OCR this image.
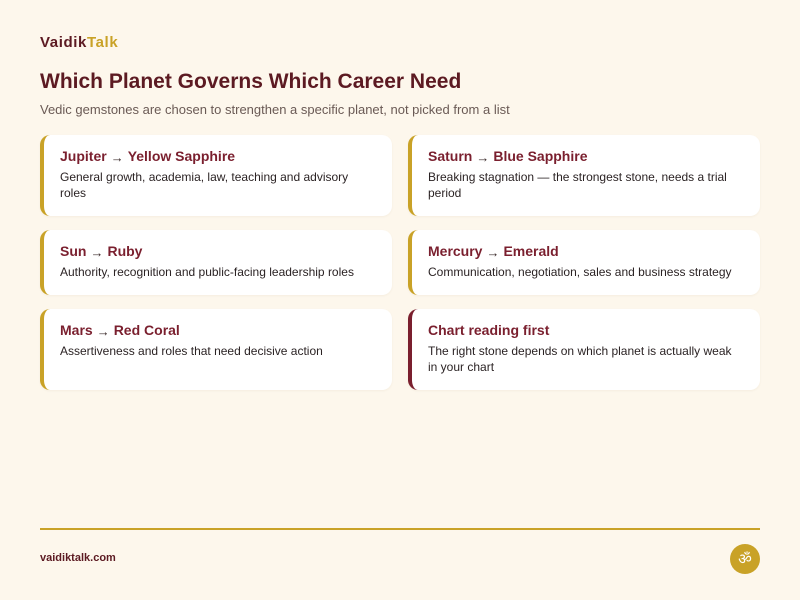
VaidikTalk
Which Planet Governs Which Career Need

Vedic gemstones are chosen to strengthen a specific planet, not picked from a list

Jupiter → Yellow Sapphire
General growth, academia, law, teaching and advisory roles
Saturn → Blue Sapphire
Breaking stagnation — the strongest stone, needs a trial period
Sun → Ruby
Authority, recognition and public-facing leadership roles
Mercury → Emerald
Communication, negotiation, sales and business strategy
Mars → Red Coral
Assertiveness and roles that need decisive action
Chart reading first
The right stone depends on which planet is actually weak in your chart
vaidiktalk.com	ॐ
